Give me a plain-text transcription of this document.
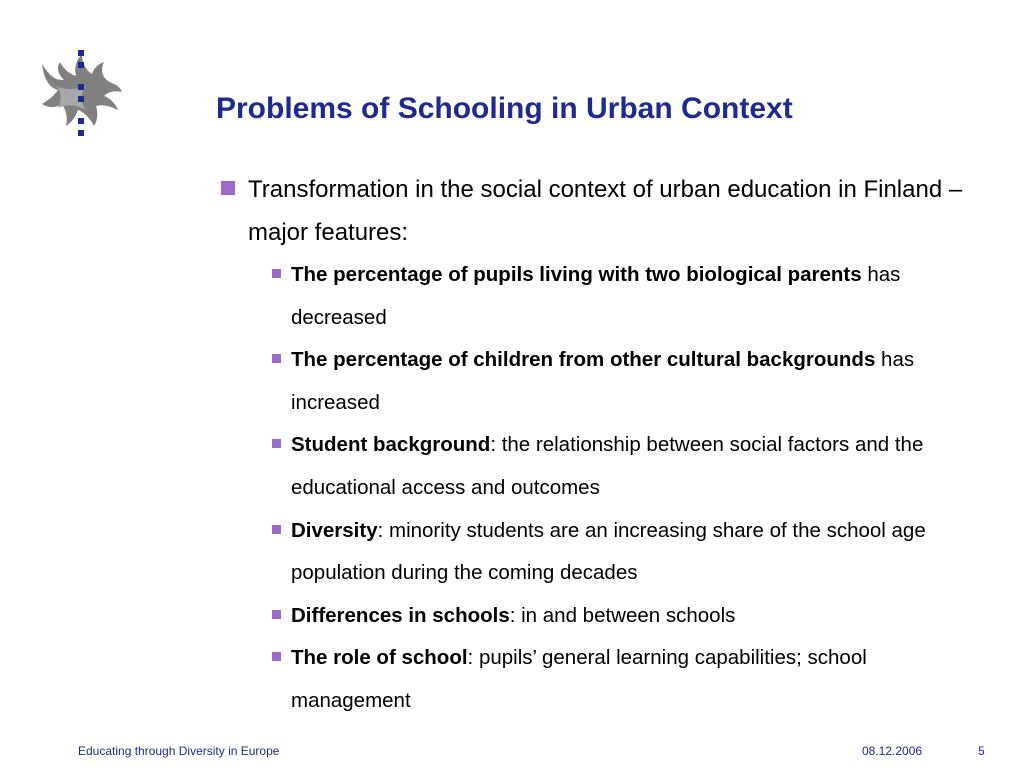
Problems of Schooling in Urban Context
Transformation in the social context of urban education in Finland – major features:
The percentage of pupils living with two biological parents has decreased
The percentage of children from other cultural backgrounds has increased
Student background: the relationship between social factors and the educational access and outcomes
Diversity: minority students are an increasing share of the school age population during the coming decades
Differences in schools: in and between schools
The role of school: pupils’ general learning capabilities; school management
Educating through Diversity in Europe	08.12.2006	5
